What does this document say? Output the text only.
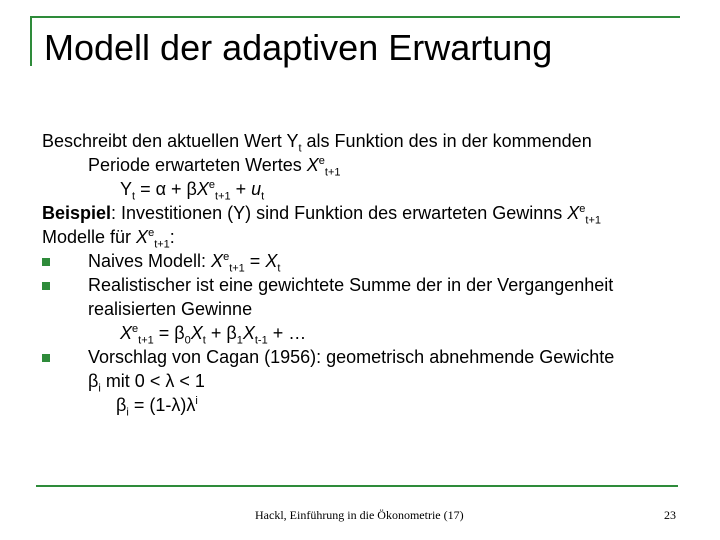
Modell der adaptiven Erwartung
Beschreibt den aktuellen Wert $Y_t$ als Funktion des in der kommenden
Periode erwarteten Wertes $X^e_{t+1}$
$Y_t = \alpha + \beta X^e_{t+1} + u_t$
Beispiel: Investitionen (Y) sind Funktion des erwarteten Gewinns $X^e_{t+1}$
Modelle für $X^e_{t+1}$:
Naives Modell: $X^e_{t+1} = X_t$
Realistischer ist eine gewichtete Summe der in der Vergangenheit
realisierten Gewinne
$X^e_{t+1} = \beta_0X_t + \beta_1X_{t-1}$ + …
Vorschlag von Cagan (1956): geometrisch abnehmende Gewichte
$\beta_i$ mit 0 < λ < 1
$\beta_i = (1-\lambda)\lambda^i$
Hackl, Einführung in die Ökonometrie (17)	23
